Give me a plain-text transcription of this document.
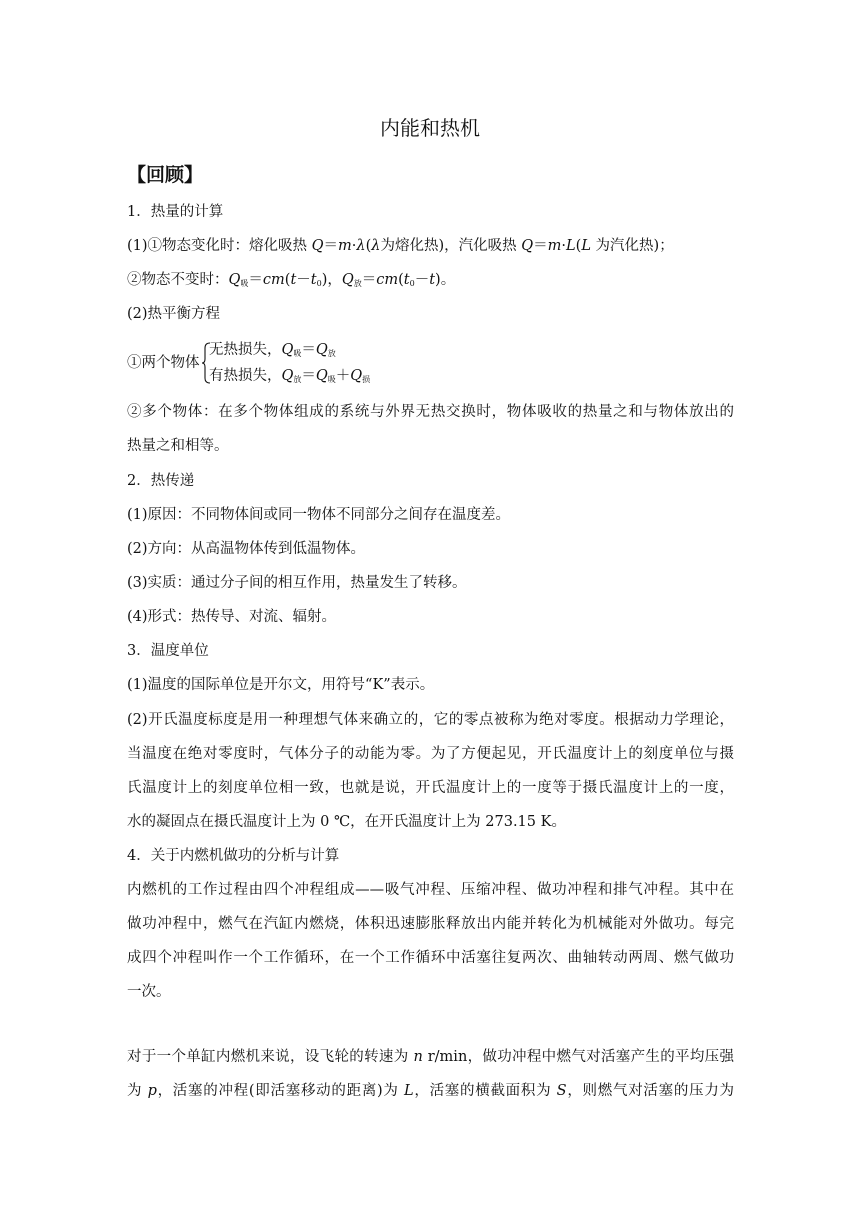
内能和热机
【回顾】
1．热量的计算
(1)①物态变化时：熔化吸热 Q＝m·λ(λ为熔化热)，汽化吸热 Q＝m·L(L 为汽化热)；
②物态不变时：Q吸＝cm(t－t0)，Q放＝cm(t0－t)。
(2)热平衡方程
①两个物体
无热损失，Q吸＝Q放
有热损失，Q放＝Q吸＋Q损
②多个物体：在多个物体组成的系统与外界无热交换时，物体吸收的热量之和与物体放出的
热量之和相等。
2．热传递
(1)原因：不同物体间或同一物体不同部分之间存在温度差。
(2)方向：从高温物体传到低温物体。
(3)实质：通过分子间的相互作用，热量发生了转移。
(4)形式：热传导、对流、辐射。
3．温度单位
(1)温度的国际单位是开尔文，用符号“K”表示。
(2)开氏温度标度是用一种理想气体来确立的，它的零点被称为绝对零度。根据动力学理论，
当温度在绝对零度时，气体分子的动能为零。为了方便起见，开氏温度计上的刻度单位与摄
氏温度计上的刻度单位相一致，也就是说，开氏温度计上的一度等于摄氏温度计上的一度，
水的凝固点在摄氏温度计上为 0 ℃，在开氏温度计上为 273.15 K。
4．关于内燃机做功的分析与计算
内燃机的工作过程由四个冲程组成——吸气冲程、压缩冲程、做功冲程和排气冲程。其中在
做功冲程中，燃气在汽缸内燃烧，体积迅速膨胀释放出内能并转化为机械能对外做功。每完
成四个冲程叫作一个工作循环，在一个工作循环中活塞往复两次、曲轴转动两周、燃气做功
一次。
对于一个单缸内燃机来说，设飞轮的转速为 n r/min，做功冲程中燃气对活塞产生的平均压强
为 p，活塞的冲程(即活塞移动的距离)为 L，活塞的横截面积为 S，则燃气对活塞的压力为
